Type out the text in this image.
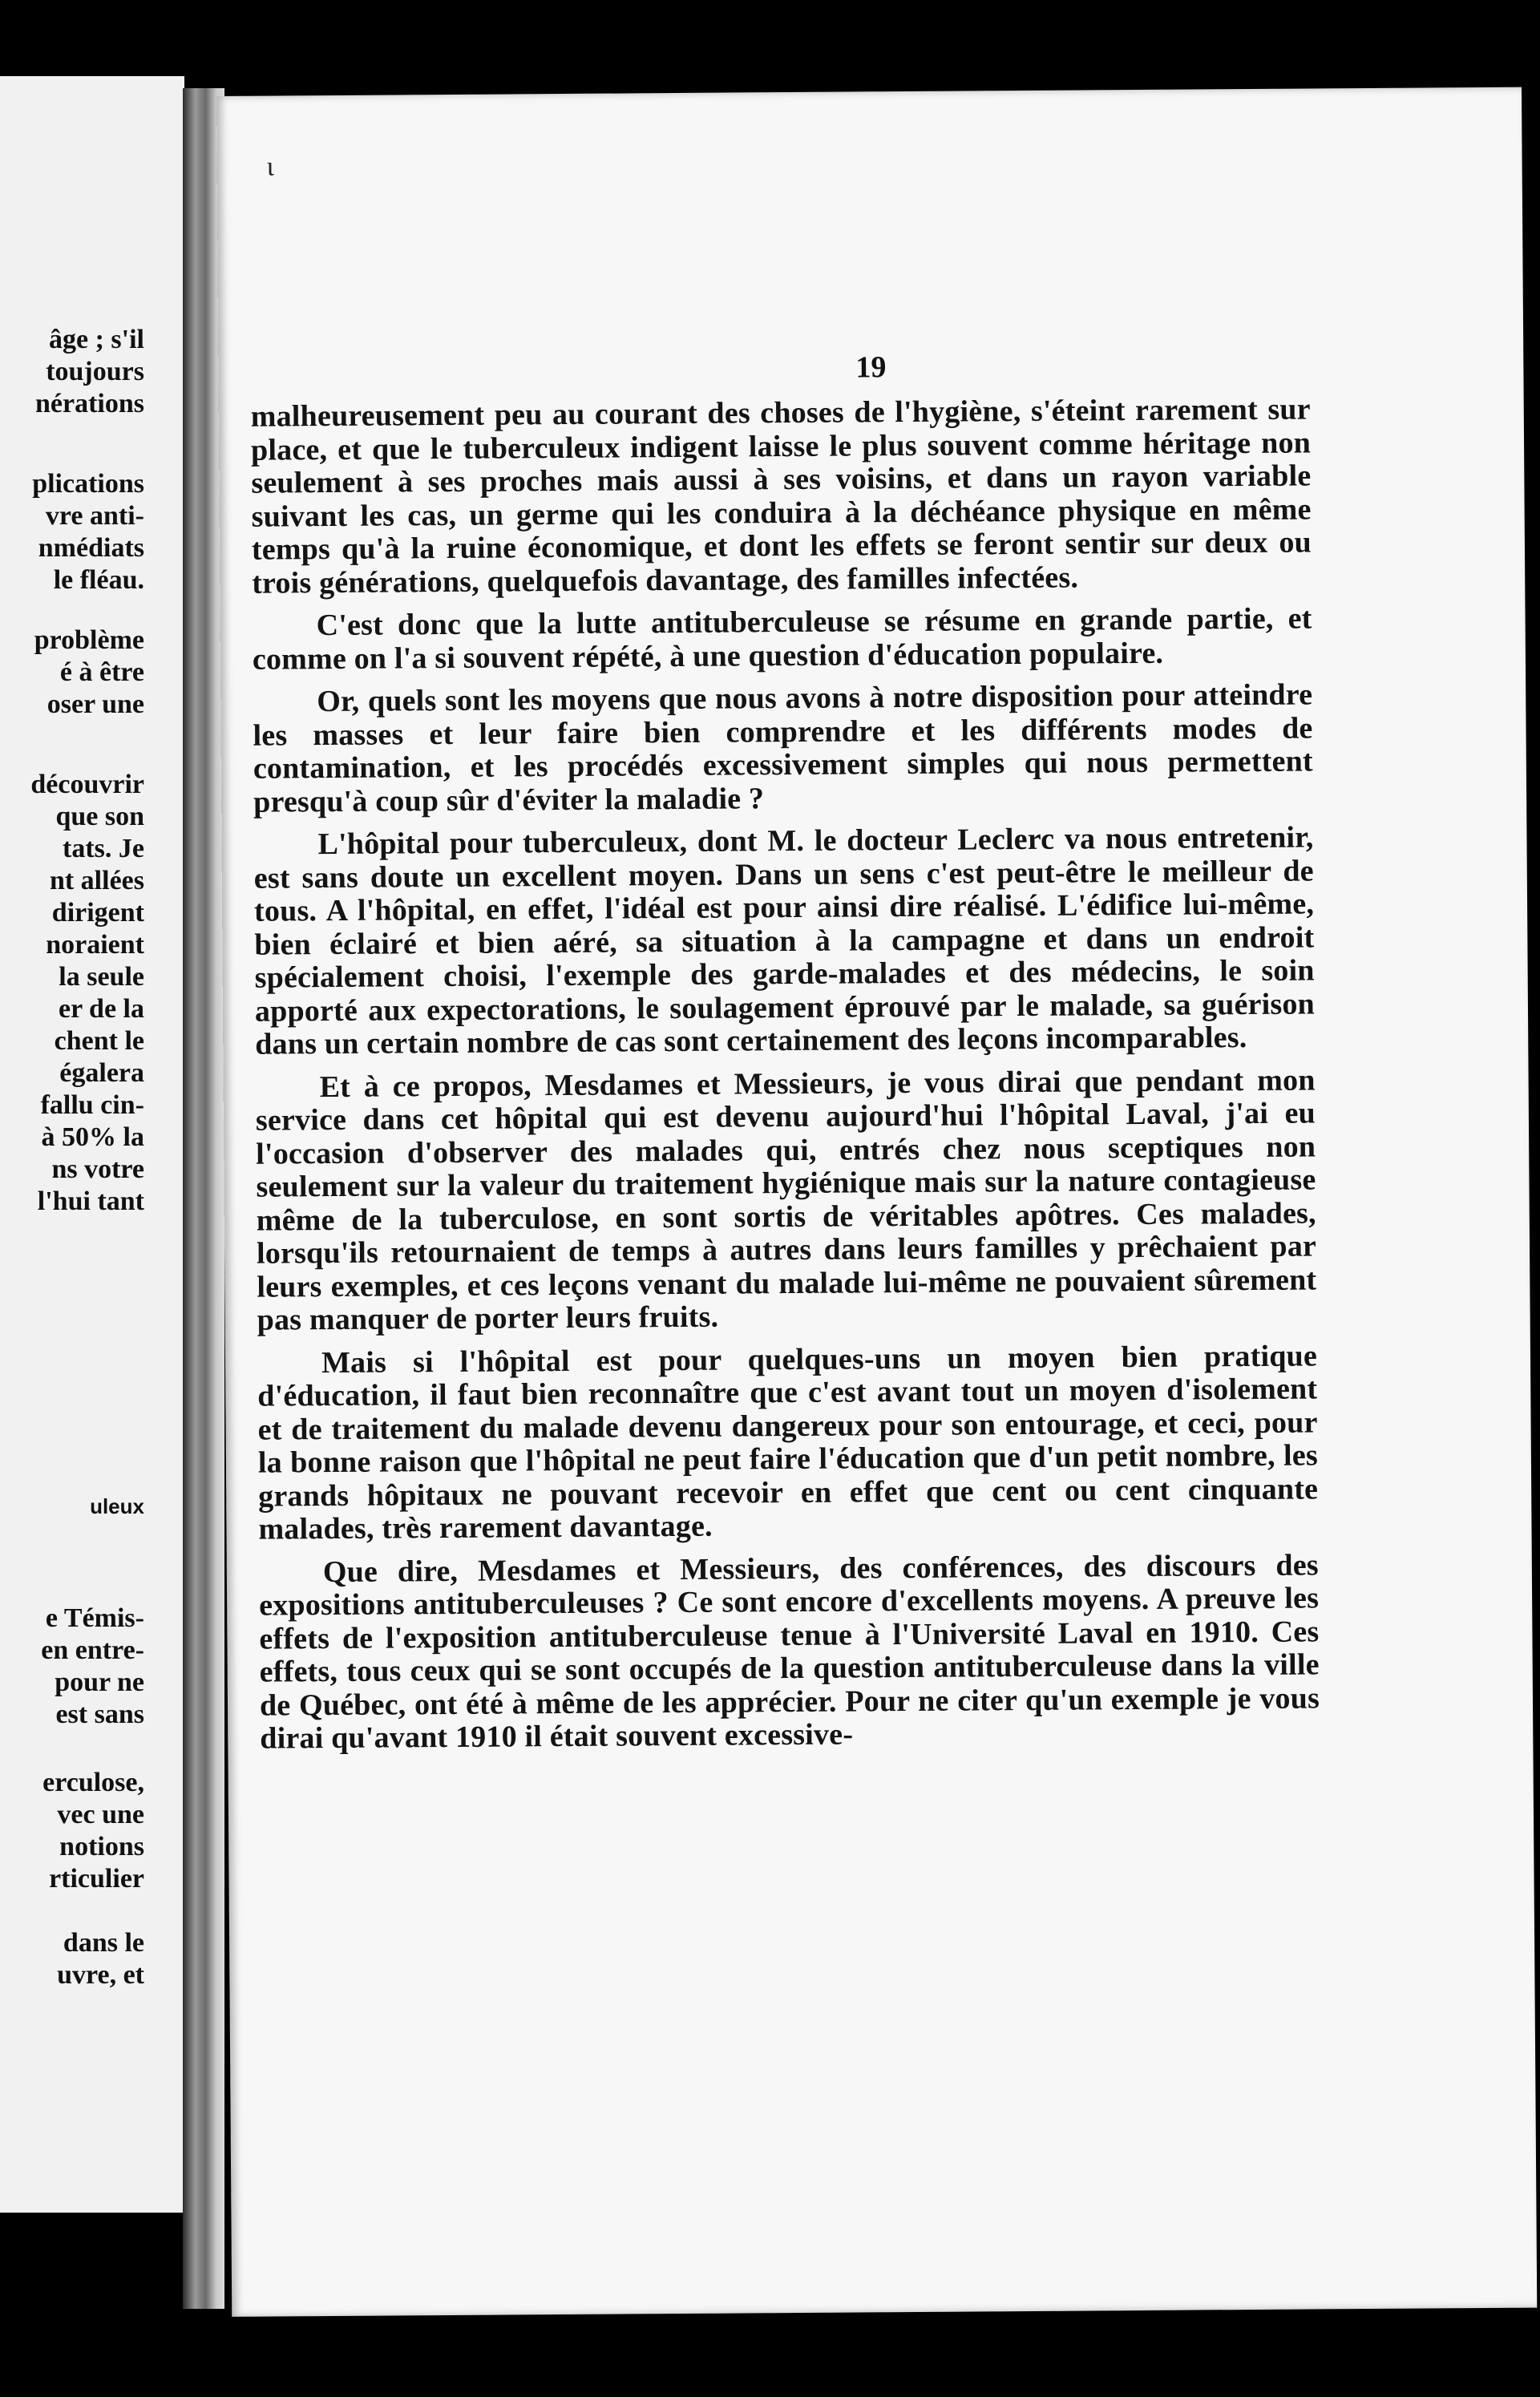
âge ; s'il
toujours
nérations
plications
vre anti-
nmédiats
le fléau.
problème
é à être
oser une
découvrir
que son
tats. Je
nt allées
dirigent
noraient
la seule
er de la
chent le
égalera
fallu cin-
à 50% la
ns votre
l'hui tant
uleux
e Témis-
en entre-
pour ne
est sans
erculose,
vec une
notions
rticulier
dans le
uvre, et
ι
19

malheureusement peu au courant des choses de l'hygiène, s'éteint rarement sur place, et que le tuberculeux indigent laisse le plus souvent comme héritage non seulement à ses proches mais aussi à ses voisins, et dans un rayon variable suivant les cas, un germe qui les conduira à la déchéance physique en même temps qu'à la ruine économique, et dont les effets se feront sentir sur deux ou trois générations, quelquefois davantage, des familles infectées.

C'est donc que la lutte antituberculeuse se résume en grande partie, et comme on l'a si souvent répété, à une question d'éducation populaire.

Or, quels sont les moyens que nous avons à notre disposition pour atteindre les masses et leur faire bien comprendre et les différents modes de contamination, et les procédés excessivement simples qui nous permettent presqu'à coup sûr d'éviter la maladie ?

L'hôpital pour tuberculeux, dont M. le docteur Leclerc va nous entretenir, est sans doute un excellent moyen. Dans un sens c'est peut-être le meilleur de tous. A l'hôpital, en effet, l'idéal est pour ainsi dire réalisé. L'édifice lui-même, bien éclairé et bien aéré, sa situation à la campagne et dans un endroit spécialement choisi, l'exemple des garde-malades et des médecins, le soin apporté aux expectorations, le soulagement éprouvé par le malade, sa guérison dans un certain nombre de cas sont certainement des leçons incomparables.

Et à ce propos, Mesdames et Messieurs, je vous dirai que pendant mon service dans cet hôpital qui est devenu aujourd'hui l'hôpital Laval, j'ai eu l'occasion d'observer des malades qui, entrés chez nous sceptiques non seulement sur la valeur du traitement hygiénique mais sur la nature contagieuse même de la tuberculose, en sont sortis de véritables apôtres. Ces malades, lorsqu'ils retournaient de temps à autres dans leurs familles y prêchaient par leurs exemples, et ces leçons venant du malade lui-même ne pouvaient sûrement pas manquer de porter leurs fruits.

Mais si l'hôpital est pour quelques-uns un moyen bien pratique d'éducation, il faut bien reconnaître que c'est avant tout un moyen d'isolement et de traitement du malade devenu dangereux pour son entourage, et ceci, pour la bonne raison que l'hôpital ne peut faire l'éducation que d'un petit nombre, les grands hôpitaux ne pouvant recevoir en effet que cent ou cent cinquante malades, très rarement davantage.

Que dire, Mesdames et Messieurs, des conférences, des discours des expositions antituberculeuses ? Ce sont encore d'excellents moyens. A preuve les effets de l'exposition antituberculeuse tenue à l'Université Laval en 1910. Ces effets, tous ceux qui se sont occupés de la question antituberculeuse dans la ville de Québec, ont été à même de les apprécier. Pour ne citer qu'un exemple je vous dirai qu'avant 1910 il était souvent excessive-
